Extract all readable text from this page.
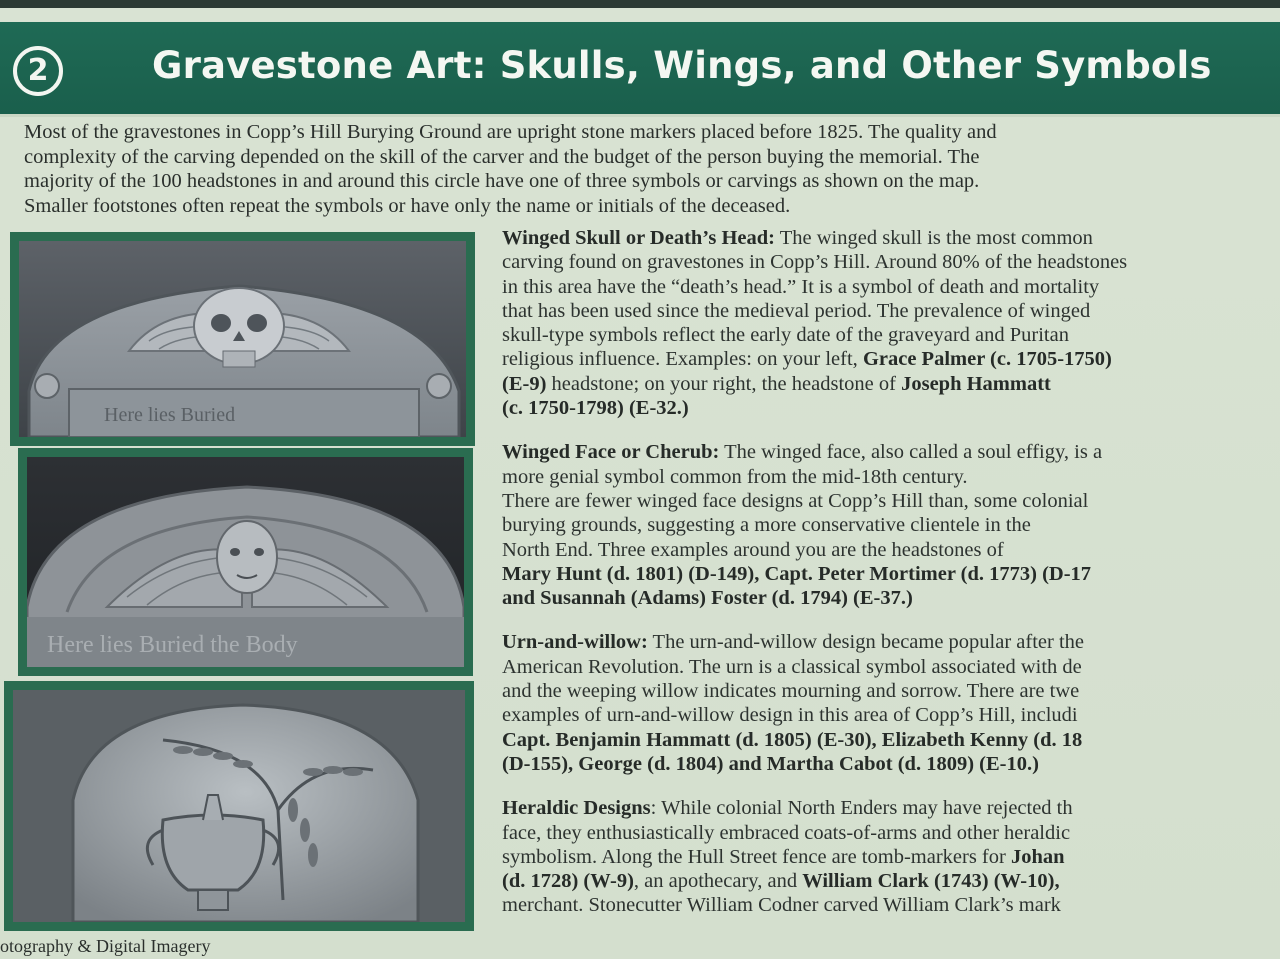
2	Gravestone Art: Skulls, Wings, and Other Symbols

Most of the gravestones in Copp’s Hill Burying Ground are upright stone markers placed before 1825. The quality and

complexity of the carving depended on the skill of the carver and the budget of the person buying the memorial. The

majority of the 100 headstones in and around this circle have one of three symbols or carvings as shown on the map.

Smaller footstones often repeat the symbols or have only the name or initials of the deceased.

Here lies Buried
Here lies Buried the Body
otography & Digital Imagery
Winged Skull or Death’s Head: The winged skull is the most common
carving found on gravestones in Copp’s Hill. Around 80% of the headstones
in this area have the “death’s head.” It is a symbol of death and mortality
that has been used since the medieval period. The prevalence of winged
skull-type symbols reflect the early date of the graveyard and Puritan
religious influence. Examples: on your left, Grace Palmer (c. 1705-1750)
(E-9) headstone; on your right, the headstone of Joseph Hammatt
(c. 1750-1798) (E-32.)
Winged Face or Cherub: The winged face, also called a soul effigy, is a
more genial symbol common from the mid-18th century.
There are fewer winged face designs at Copp’s Hill than, some colonial
burying grounds, suggesting a more conservative clientele in the
North End. Three examples around you are the headstones of
Mary Hunt (d. 1801) (D-149), Capt. Peter Mortimer (d. 1773) (D-17
and Susannah (Adams) Foster (d. 1794) (E-37.)
Urn-and-willow: The urn-and-willow design became popular after the
American Revolution. The urn is a classical symbol associated with de
and the weeping willow indicates mourning and sorrow. There are twe
examples of urn-and-willow design in this area of Copp’s Hill, includi
Capt. Benjamin Hammatt (d. 1805) (E-30), Elizabeth Kenny (d. 18
(D-155), George (d. 1804) and Martha Cabot (d. 1809) (E-10.)
Heraldic Designs: While colonial North Enders may have rejected th
face, they enthusiastically embraced coats-of-arms and other heraldic
symbolism. Along the Hull Street fence are tomb-markers for Johan
(d. 1728) (W-9), an apothecary, and William Clark (1743) (W-10),
merchant. Stonecutter William Codner carved William Clark’s mark
